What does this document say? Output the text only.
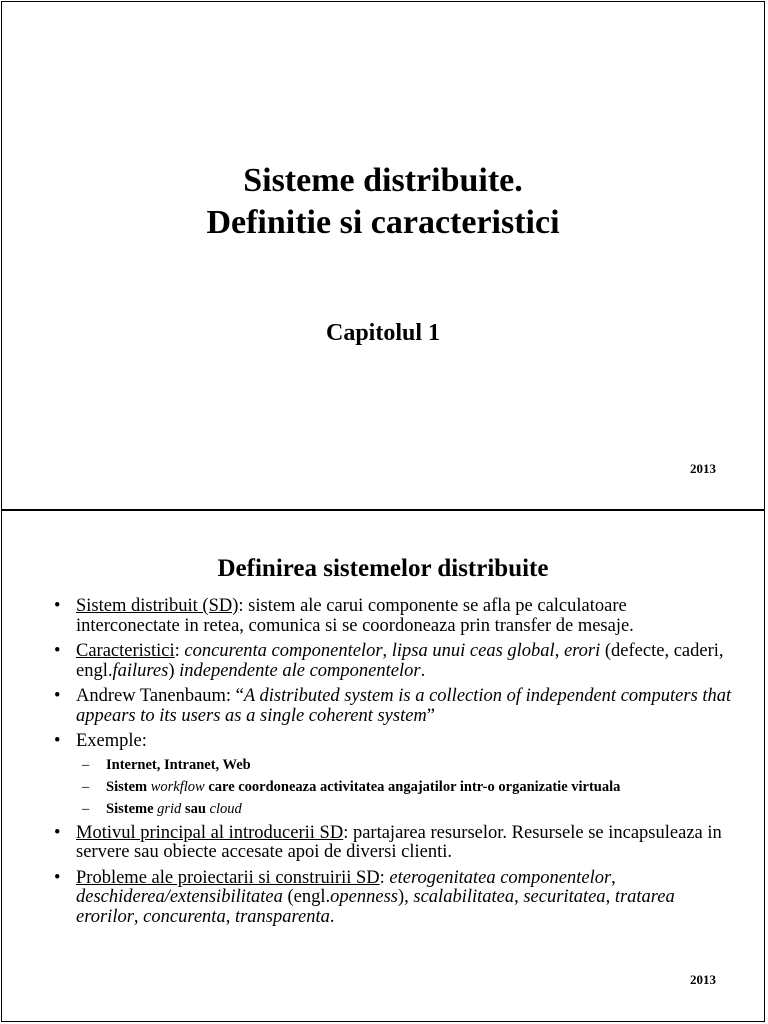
Sisteme distribuite.
Definitie si caracteristici
Capitolul 1
2013
Definirea sistemelor distribuite
• Sistem distribuit (SD): sistem ale carui componente se afla pe calculatoare interconectate in retea, comunica si se coordoneaza prin transfer de mesaje.
• Caracteristici: concurenta componentelor, lipsa unui ceas global, erori (defecte, caderi, engl.failures) independente ale componentelor.
• Andrew Tanenbaum: “A distributed system is a collection of independent computers that appears to its users as a single coherent system”
• Exemple:
– Internet, Intranet, Web
– Sistem workflow care coordoneaza activitatea angajatilor intr-o organizatie virtuala
– Sisteme grid sau cloud
• Motivul principal al introducerii SD: partajarea resurselor. Resursele se incapsuleaza in servere sau obiecte accesate apoi de diversi clienti.
• Probleme ale proiectarii si construirii SD: eterogenitatea componentelor, deschiderea/extensibilitatea (engl.openness), scalabilitatea, securitatea, tratarea erorilor, concurenta, transparenta.
2013
